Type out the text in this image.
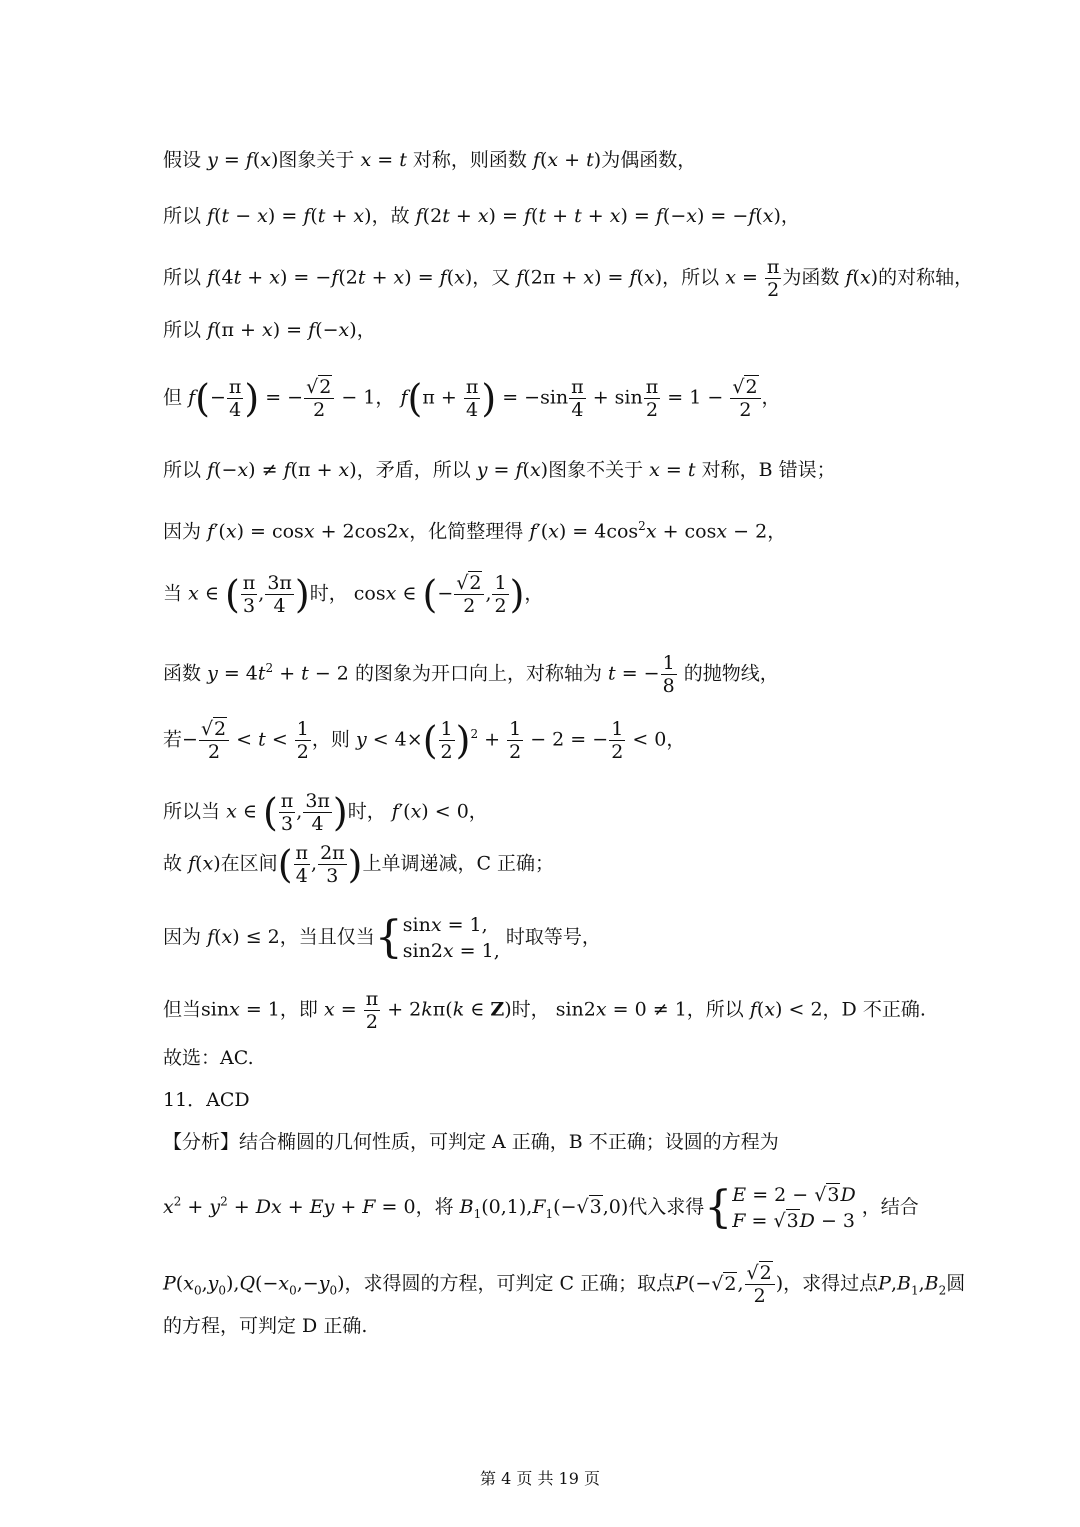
假设 y = f(x)图象关于 x = t 对称，则函数 f(x + t)为偶函数，
所以 f(t − x) = f(t + x)，故 f(2t + x) = f(t + t + x) = f(−x) = −f(x)，
所以 f(4t + x) = −f(2t + x) = f(x)，又 f(2π + x) = f(x)，所以 $x = \frac{\pi}{2}$ 为函数 f(x)的对称轴，
所以 f(π + x) = f(−x)，
但 $f(- \frac{\pi}{4}$ ) = − $\frac{√2}{2} - 1$， $f(\pi + \frac{\pi}{4}$ ) = $-\sin \frac{\pi}{4} + \sin \frac{\pi}{2} = 1 - \frac{√2}{2}$ ，
所以 f(−x) ≠ f(π + x)，矛盾，所以 y = f(x)图象不关于 x = t 对称，B 错误；
因为 f′(x) = cosx + 2cos2x，化简整理得 $f'(x) = 4\cos^2x + \cos x - 2$，
当 x ∈ ( $\frac{\pi}{3}$ , $\frac{3\pi}{4}$ )时， cosx ∈ (− $\frac{√2}{2}$ , $\frac{1}{2}$ )，
函数 $y = 4t^2 + t - 2$ 的图象为开口向上，对称轴为 t = − $\frac{1}{8}$ 的抛物线，
若− $\frac{√2}{2} < t < \frac{1}{2}$ ，则 $y < 4\times( \frac{1}{2} )^2 + \frac{1}{2} - 2$ = − $\frac{1}{2} < 0$，
所以当 x ∈ ( $\frac{\pi}{3}$ , $\frac{3\pi}{4}$ )时， f′(x) < 0，
故 f(x)在区间( $\frac{\pi}{4}$ , $\frac{2\pi}{3}$ )上单调递减，C 正确；
因为 f(x) ≤ 2，当且仅当{ sinx = 1,
sin2x = 1,
时取等号，
但当sinx = 1，即 $x = \frac{\pi}{2} + 2k\pi(k$ ∈ Z)时， sin2x = 0 ≠ 1，所以 f(x) < 2，D 不正确.
故选：AC.
11．ACD
【分析】结合椭圆的几何性质，可判定 A 正确，B 不正确；设圆的方程为
$x^2 + y^2 + Dx + Ey + F = 0$，将 $B_1(0,1),F_1(-√3,0)$代入求得{ E = 2 − √3D
F = √3D − 3
，结合
$P(x_0,y_0),Q(-x_0,-y_0)$，求得圆的方程，可判定 C 正确；取点P(−√2, $\frac{√2}{2}$ )，求得过点$P,B_1,B_2$圆
的方程，可判定 D 正确.
第 4 页 共 19 页
